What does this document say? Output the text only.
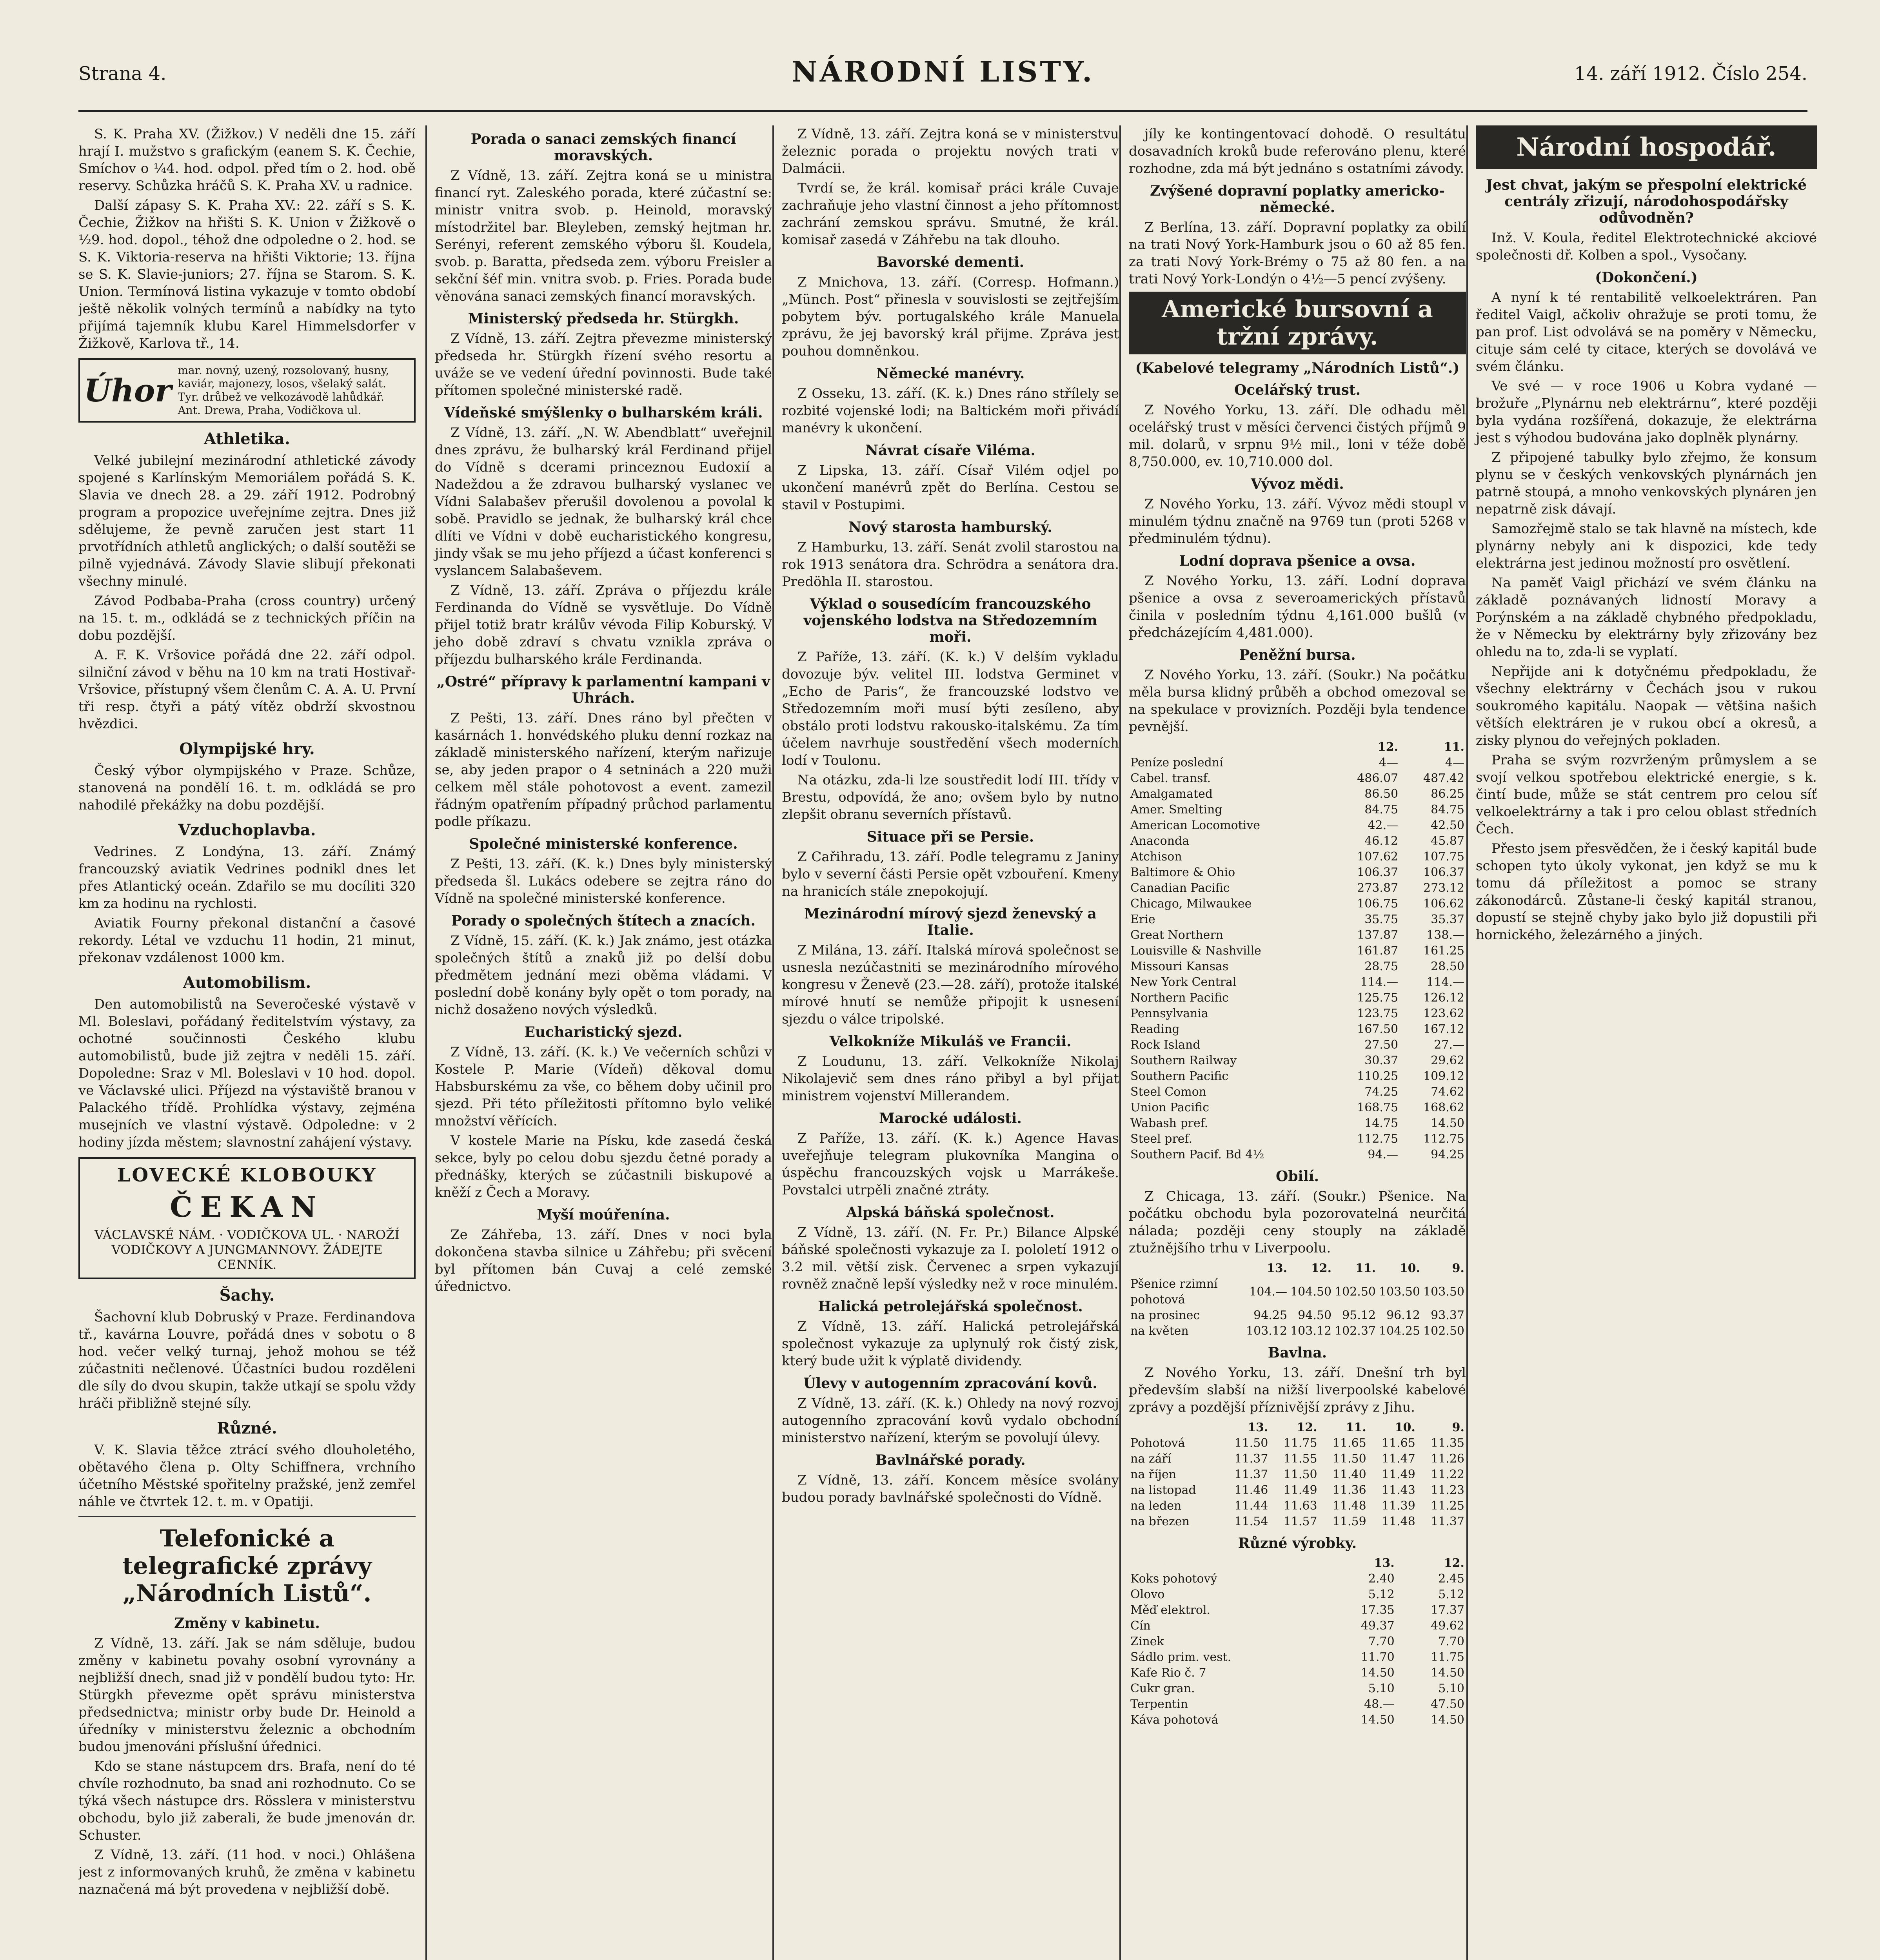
Strana 4.	NÁRODNÍ LISTY.	14. září 1912. Číslo 254.

S. K. Praha XV. (Žižkov.) V neděli dne 15. září hrají I. mužstvo s grafickým (eanem S. K. Čechie, Smíchov o ¼4. hod. odpol. před tím o 2. hod. obě reservy. Schůzka hráčů S. K. Praha XV. u radnice.

Další zápasy S. K. Praha XV.: 22. září s S. K. Čechie, Žižkov na hřišti S. K. Union v Žižkově o ½9. hod. dopol., téhož dne odpoledne o 2. hod. se S. K. Viktoria-reserva na hřišti Viktorie; 13. října se S. K. Slavie-juniors; 27. října se Starom. S. K. Union. Termínová listina vykazuje v tomto období ještě několik volných termínů a nabídky na tyto přijímá tajemník klubu Karel Himmelsdorfer v Žižkově, Karlova tř., 14.

Úhor
mar. novný, uzený, rozsolovaný, husny, kaviár, majonezy, losos, všelaký salát. Tyr. drůbež ve velkozávodě lahůdkář. Ant. Drewa, Praha, Vodičkova ul.
Athletika.

Velké jubilejní mezinárodní athletické závody spojené s Karlínským Memoriálem pořádá S. K. Slavia ve dnech 28. a 29. září 1912. Podrobný program a propozice uveřejníme zejtra. Dnes již sdělujeme, že pevně zaručen jest start 11 prvotřídních athletů anglických; o další soutěži se pilně vyjednává. Závody Slavie slibují překonati všechny minulé.

Závod Podbaba-Praha (cross country) určený na 15. t. m., odkládá se z technických příčin na dobu pozdější.

A. F. K. Vršovice pořádá dne 22. září odpol. silniční závod v běhu na 10 km na trati Hostivař-Vršovice, přístupný všem členům C. A. A. U. První tři resp. čtyři a pátý vítěz obdrží skvostnou hvězdici.

Olympijské hry.

Český výbor olympijského v Praze. Schůze, stanovená na pondělí 16. t. m. odkládá se pro nahodilé překážky na dobu pozdější.

Vzduchoplavba.

Vedrines. Z Londýna, 13. září. Známý francouzský aviatik Vedrines podnikl dnes let přes Atlantický oceán. Zdařilo se mu docíliti 320 km za hodinu na rychlosti.

Aviatik Fourny překonal distanční a časové rekordy. Létal ve vzduchu 11 hodin, 21 minut, překonav vzdálenost 1000 km.

Automobilism.

Den automobilistů na Severočeské výstavě v Ml. Boleslavi, pořádaný ředitelstvím výstavy, za ochotné součinnosti Českého klubu automobilistů, bude již zejtra v neděli 15. září. Dopoledne: Sraz v Ml. Boleslavi v 10 hod. dopol. ve Václavské ulici. Příjezd na výstaviště branou v Palackého třídě. Prohlídka výstavy, zejména musejních ve vlastní výstavě. Odpoledne: v 2 hodiny jízda městem; slavnostní zahájení výstavy.

LOVECKÉ KLOBOUKY
ČEKAN
VÁCLAVSKÉ NÁM. · VODIČKOVA UL. · NAROŽÍ VODIČKOVY A JUNGMANNOVY. ŽÁDEJTE CENNÍK.
Šachy.

Šachovní klub Dobruský v Praze. Ferdinandova tř., kavárna Louvre, pořádá dnes v sobotu o 8 hod. večer velký turnaj, jehož mohou se též zúčastniti nečlenové. Účastníci budou rozděleni dle síly do dvou skupin, takže utkají se spolu vždy hráči přibližně stejné síly.

Různé.

V. K. Slavia těžce ztrácí svého dlouholetého, obětavého člena p. Olty Schiffnera, vrchního účetního Městské spořitelny pražské, jenž zemřel náhle ve čtvrtek 12. t. m. v Opatiji.

Telefonické a telegrafické zprávy „Národních Listů“.
Změny v kabinetu.

Z Vídně, 13. září. Jak se nám sděluje, budou změny v kabinetu povahy osobní vyrovnány a nejbližší dnech, snad již v pondělí budou tyto: Hr. Stürgkh převezme opět správu ministerstva předsednictva; ministr orby bude Dr. Heinold a úředníky v ministerstvu železnic a obchodním budou jmenováni příslušní úřednici.

Kdo se stane nástupcem drs. Brafa, není do té chvíle rozhodnuto, ba snad ani rozhodnuto. Co se týká všech nástupce drs. Rösslera v ministerstvu obchodu, bylo již zaberali, že bude jmenován dr. Schuster.

Z Vídně, 13. září. (11 hod. v noci.) Ohlášena jest z informovaných kruhů, že změna v kabinetu naznačená má být provedena v nejbližší době.

Porada o sanaci zemských financí moravských.

Z Vídně, 13. září. Zejtra koná se u ministra financí ryt. Zaleského porada, které zúčastní se: ministr vnitra svob. p. Heinold, moravský místodržitel bar. Bleyleben, zemský hejtman hr. Serényi, referent zemského výboru šl. Koudela, svob. p. Baratta, předseda zem. výboru Freisler a sekční šéf min. vnitra svob. p. Fries. Porada bude věnována sanaci zemských financí moravských.

Ministerský předseda hr. Stürgkh.

Z Vídně, 13. září. Zejtra převezme ministerský předseda hr. Stürgkh řízení svého resortu a uváže se ve vedení úřední povinnosti. Bude také přítomen společné ministerské radě.

Vídeňské smýšlenky o bulharském králi.

Z Vídně, 13. září. „N. W. Abendblatt“ uveřejnil dnes zprávu, že bulharský král Ferdinand přijel do Vídně s dcerami princeznou Eudoxií a Nadeždou a že zdravou bulharský vyslanec ve Vídni Salabašev přerušil dovolenou a povolal k sobě. Pravidlo se jednak, že bulharský král chce dlíti ve Vídni v době eucharistického kongresu, jindy však se mu jeho příjezd a účast konferenci s vyslancem Salabaševem.

Z Vídně, 13. září. Zpráva o příjezdu krále Ferdinanda do Vídně se vysvětluje. Do Vídně přijel totiž bratr králův vévoda Filip Koburský. V jeho době zdraví s chvatu vznikla zpráva o příjezdu bulharského krále Ferdinanda.

„Ostré“ přípravy k parlamentní kampani v Uhrách.

Z Pešti, 13. září. Dnes ráno byl přečten v kasárnách 1. honvédského pluku denní rozkaz na základě ministerského nařízení, kterým nařizuje se, aby jeden prapor o 4 setninách a 220 muži celkem měl stále pohotovost a event. zamezil řádným opatřením případný průchod parlamentu podle příkazu.

Společné ministerské konference.

Z Pešti, 13. září. (K. k.) Dnes byly ministerský předseda šl. Lukács odebere se zejtra ráno do Vídně na společné ministerské konference.

Porady o společných štítech a znacích.

Z Vídně, 15. září. (K. k.) Jak známo, jest otázka společných štítů a znaků již po delší dobu předmětem jednání mezi oběma vládami. V poslední době konány byly opět o tom porady, na nichž dosaženo nových výsledků.

Eucharistický sjezd.

Z Vídně, 13. září. (K. k.) Ve večerních schůzi v Kostele P. Marie (Vídeň) děkoval domu Habsburskému za vše, co během doby učinil pro sjezd. Při této příležitosti přítomno bylo veliké množství věřících.

V kostele Marie na Písku, kde zasedá česká sekce, byly po celou dobu sjezdu četné porady a přednášky, kterých se zúčastnili biskupové a kněží z Čech a Moravy.

Myší moúřenína.

Ze Záhřeba, 13. září. Dnes v noci byla dokončena stavba silnice u Záhřebu; při svěcení byl přítomen bán Cuvaj a celé zemské úřednictvo.

Z Vídně, 13. září. Zejtra koná se v ministerstvu železnic porada o projektu nových trati v Dalmácii.

Tvrdí se, že král. komisař práci krále Cuvaje zachraňuje jeho vlastní činnost a jeho přítomnost zachrání zemskou správu. Smutné, že král. komisař zasedá v Záhřebu na tak dlouho.

Bavorské dementi.

Z Mnichova, 13. září. (Corresp. Hofmann.) „Münch. Post“ přinesla v souvislosti se zejtřejším pobytem býv. portugalského krále Manuela zprávu, že jej bavorský král přijme. Zpráva jest pouhou domněnkou.

Německé manévry.

Z Osseku, 13. září. (K. k.) Dnes ráno střílely se rozbité vojenské lodi; na Baltickém moři přivádí manévry k ukončení.

Návrat císaře Viléma.

Z Lipska, 13. září. Císař Vilém odjel po ukončení manévrů zpět do Berlína. Cestou se stavil v Postupimi.

Nový starosta hamburský.

Z Hamburku, 13. září. Senát zvolil starostou na rok 1913 senátora dra. Schrödra a senátora dra. Predöhla II. starostou.

Výklad o sousedícím francouzského vojenského lodstva na Středozemním moři.

Z Paříže, 13. září. (K. k.) V delším vykladu dovozuje býv. velitel III. lodstva Germinet v „Echo de Paris“, že francouzské lodstvo ve Středozemním moři musí býti zesíleno, aby obstálo proti lodstvu rakousko-italskému. Za tím účelem navrhuje soustředění všech moderních lodí v Toulonu.

Na otázku, zda-li lze soustředit lodí III. třídy v Brestu, odpovídá, že ano; ovšem bylo by nutno zlepšit obranu severních přístavů.

Situace při se Persie.

Z Cařihradu, 13. září. Podle telegramu z Janiny bylo v severní části Persie opět vzbouření. Kmeny na hranicích stále znepokojují.

Mezinárodní mírový sjezd ženevský a Italie.

Z Milána, 13. září. Italská mírová společnost se usnesla nezúčastniti se mezinárodního mírového kongresu v Ženevě (23.—28. září), protože italské mírové hnutí se nemůže připojit k usnesení sjezdu o válce tripolské.

Velkokníže Mikuláš ve Francii.

Z Loudunu, 13. září. Velkokníže Nikolaj Nikolajevič sem dnes ráno přibyl a byl přijat ministrem vojenství Millerandem.

Marocké události.

Z Paříže, 13. září. (K. k.) Agence Havas uveřejňuje telegram plukovníka Mangina o úspěchu francouzských vojsk u Marrákeše. Povstalci utrpěli značné ztráty.

Alpská báňská společnost.

Z Vídně, 13. září. (N. Fr. Pr.) Bilance Alpské báňské společnosti vykazuje za I. pololetí 1912 o 3.2 mil. větší zisk. Červenec a srpen vykazují rovněž značně lepší výsledky než v roce minulém.

Halická petrolejářská společnost.

Z Vídně, 13. září. Halická petrolejářská společnost vykazuje za uplynulý rok čistý zisk, který bude užit k výplatě dividendy.

Úlevy v autogenním zpracování kovů.

Z Vídně, 13. září. (K. k.) Ohledy na nový rozvoj autogenního zpracování kovů vydalo obchodní ministerstvo nařízení, kterým se povolují úlevy.

Bavlnářské porady.

Z Vídně, 13. září. Koncem měsíce svolány budou porady bavlnářské společnosti do Vídně.

jíly ke kontingentovací dohodě. O resultátu dosavadních kroků bude referováno plenu, které rozhodne, zda má být jednáno s ostatními závody.

Zvýšené dopravní poplatky americko-německé.

Z Berlína, 13. září. Dopravní poplatky za obilí na trati Nový York-Hamburk jsou o 60 až 85 fen. za trati Nový York-Brémy o 75 až 80 fen. a na trati Nový York-Londýn o 4½—5 pencí zvýšeny.

Americké bursovní a tržní zprávy.
(Kabelové telegramy „Národních Listů“.)
Ocelářský trust.

Z Nového Yorku, 13. září. Dle odhadu měl ocelářský trust v měsíci červenci čistých příjmů 9 mil. dolarů, v srpnu 9½ mil., loni v téže době 8,750.000, ev. 10,710.000 dol.

Vývoz mědi.

Z Nového Yorku, 13. září. Vývoz mědi stoupl v minulém týdnu značně na 9769 tun (proti 5268 v předminulém týdnu).

Lodní doprava pšenice a ovsa.

Z Nového Yorku, 13. září. Lodní doprava pšenice a ovsa z severoamerických přístavů činila v posledním týdnu 4,161.000 bušlů (v předcházejícím 4,481.000).

Peněžní bursa.

Z Nového Yorku, 13. září. (Soukr.) Na počátku měla bursa klidný průběh a obchod omezoval se na spekulace v provizních. Později byla tendence pevnější.

	12.	11.
Peníze poslední	4—	4—
Cabel. transf.	486.07	487.42
Amalgamated	86.50	86.25
Amer. Smelting	84.75	84.75
American Locomotive	42.—	42.50
Anaconda	46.12	45.87
Atchison	107.62	107.75
Baltimore & Ohio	106.37	106.37
Canadian Pacific	273.87	273.12
Chicago, Milwaukee	106.75	106.62
Erie	35.75	35.37
Great Northern	137.87	138.—
Louisville & Nashville	161.87	161.25
Missouri Kansas	28.75	28.50
New York Central	114.—	114.—
Northern Pacific	125.75	126.12
Pennsylvania	123.75	123.62
Reading	167.50	167.12
Rock Island	27.50	27.—
Southern Railway	30.37	29.62
Southern Pacific	110.25	109.12
Steel Comon	74.25	74.62
Union Pacific	168.75	168.62
Wabash pref.	14.75	14.50
Steel pref.	112.75	112.75
Southern Pacif. Bd 4½	94.—	94.25
Obilí.

Z Chicaga, 13. září. (Soukr.) Pšenice. Na počátku obchodu byla pozorovatelná neurčitá nálada; později ceny stouply na základě ztužnějšího trhu v Liverpoolu.

	13.	12.	11.	10.	9.
Pšenice rzimní pohotová	104.—	104.50	102.50	103.50	103.50
na prosinec	94.25	94.50	95.12	96.12	93.37
na květen	103.12	103.12	102.37	104.25	102.50
Bavlna.

Z Nového Yorku, 13. září. Dnešní trh byl především slabší na nižší liverpoolské kabelové zprávy a pozdější příznivější zprávy z Jihu.

	13.	12.	11.	10.	9.
Pohotová	11.50	11.75	11.65	11.65	11.35
na září	11.37	11.55	11.50	11.47	11.26
na říjen	11.37	11.50	11.40	11.49	11.22
na listopad	11.46	11.49	11.36	11.43	11.23
na leden	11.44	11.63	11.48	11.39	11.25
na březen	11.54	11.57	11.59	11.48	11.37
Různé výrobky.
	13.	12.
Koks pohotový	2.40	2.45
Olovo	5.12	5.12
Měď elektrol.	17.35	17.37
Cín	49.37	49.62
Zinek	7.70	7.70
Sádlo prim. vest.	11.70	11.75
Kafe Rio č. 7	14.50	14.50
Cukr gran.	5.10	5.10
Terpentin	48.—	47.50
Káva pohotová	14.50	14.50
Národní hospodář.
Jest chvat, jakým se přespolní elektrické centrály zřizují, národohospodářsky odůvodněn?

Inž. V. Koula, ředitel Elektrotechnické akciové společnosti dř. Kolben a spol., Vysočany.

(Dokončení.)

A nyní k té rentabilitě velkoelektráren. Pan ředitel Vaigl, ačkoliv ohražuje se proti tomu, že pan prof. List odvolává se na poměry v Německu, cituje sám celé ty citace, kterých se dovolává ve svém článku.

Ve své — v roce 1906 u Kobra vydané — brožuře „Plynárnu neb elektrárnu“, které později byla vydána rozšířená, dokazuje, že elektrárna jest s výhodou budována jako doplněk plynárny.

Z připojené tabulky bylo zřejmo, že konsum plynu se v českých venkovských plynárnách jen patrně stoupá, a mnoho venkovských plynáren jen nepatrně zisk dávají.

Samozřejmě stalo se tak hlavně na místech, kde plynárny nebyly ani k dispozici, kde tedy elektrárna jest jedinou možností pro osvětlení.

Na paměť Vaigl přichází ve svém článku na základě poznávaných lidností Moravy a Porýnském a na základě chybného předpokladu, že v Německu by elektrárny byly zřizovány bez ohledu na to, zda-li se vyplatí.

Nepřijde ani k dotyčnému předpokladu, že všechny elektrárny v Čechách jsou v rukou soukromého kapitálu. Naopak — většina našich větších elektráren je v rukou obcí a okresů, a zisky plynou do veřejných pokladen.

Praha se svým rozvrženým průmyslem a se svojí velkou spotřebou elektrické energie, s k. čintí bude, může se stát centrem pro celou síť velkoelektrárny a tak i pro celou oblast středních Čech.

Přesto jsem přesvědčen, že i český kapitál bude schopen tyto úkoly vykonat, jen když se mu k tomu dá příležitost a pomoc se strany zákonodárců. Zůstane-li český kapitál stranou, dopustí se stejně chyby jako bylo již dopustili při hornického, železárného a jiných.
